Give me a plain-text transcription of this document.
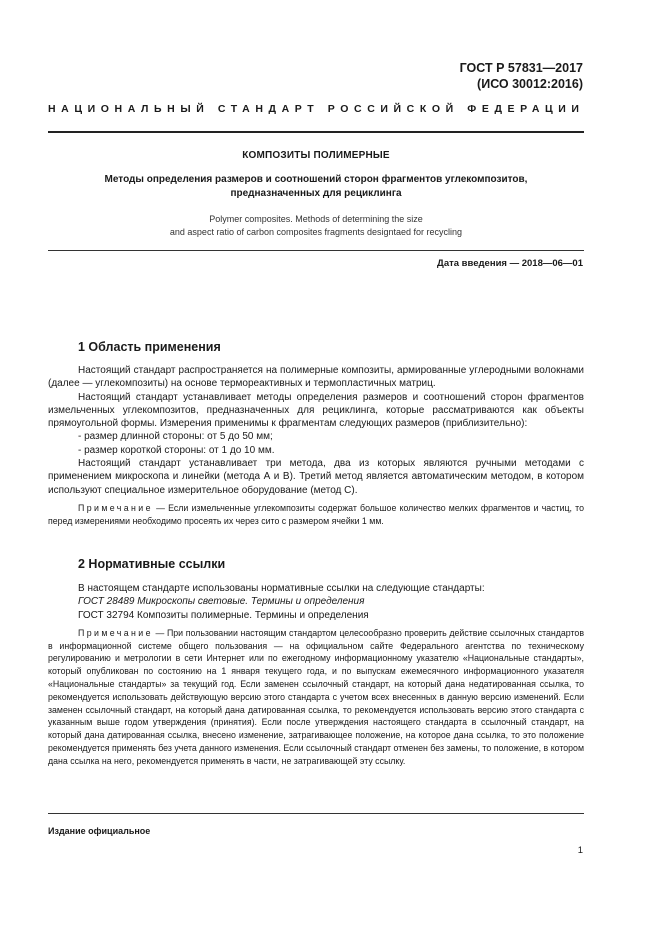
ГОСТ Р 57831—2017
(ИСО 30012:2016)
НАЦИОНАЛЬНЫЙ СТАНДАРТ РОССИЙСКОЙ ФЕДЕРАЦИИ
КОМПОЗИТЫ ПОЛИМЕРНЫЕ
Методы определения размеров и соотношений сторон фрагментов углекомпозитов,
предназначенных для рециклинга
Polymer composites. Methods of determining the size
and aspect ratio of carbon composites fragments designtaed for recycling
Дата введения — 2018—06—01
1 Область применения

Настоящий стандарт распространяется на полимерные композиты, армированные углеродными волокнами (далее — углекомпозиты) на основе термореактивных и термопластичных матриц.

Настоящий стандарт устанавливает методы определения размеров и соотношений сторон фрагментов измельченных углекомпозитов, предназначенных для рециклинга, которые рассматриваются как объекты прямоугольной формы. Измерения применимы к фрагментам следующих размеров (приблизительно):

- размер длинной стороны: от 5 до 50 мм;

- размер короткой стороны: от 1 до 10 мм.

Настоящий стандарт устанавливает три метода, два из которых являются ручными методами с применением микроскопа и линейки (метода А и В). Третий метод является автоматическим методом, в котором используют специальное измерительное оборудование (метод С).

Примечание — Если измельченные углекомпозиты содержат большое количество мелких фрагментов и частиц, то перед измерениями необходимо просеять их через сито с размером ячейки 1 мм.

2 Нормативные ссылки

В настоящем стандарте использованы нормативные ссылки на следующие стандарты:

ГОСТ 28489 Микроскопы световые. Термины и определения

ГОСТ 32794 Композиты полимерные. Термины и определения

Примечание — При пользовании настоящим стандартом целесообразно проверить действие ссылочных стандартов в информационной системе общего пользования — на официальном сайте Федерального агентства по техническому регулированию и метрологии в сети Интернет или по ежегодному информационному указателю «Национальные стандарты», который опубликован по состоянию на 1 января текущего года, и по выпускам ежемесячного информационного указателя «Национальные стандарты» за текущий год. Если заменен ссылочный стандарт, на который дана недатированная ссылка, то рекомендуется использовать действующую версию этого стандарта с учетом всех внесенных в данную версию изменений. Если заменен ссылочный стандарт, на который дана датированная ссылка, то рекомендуется использовать версию этого стандарта с указанным выше годом утверждения (принятия). Если после утверждения настоящего стандарта в ссылочный стандарт, на который дана датированная ссылка, внесено изменение, затрагивающее положение, на которое дана ссылка, то это положение рекомендуется применять без учета данного изменения. Если ссылочный стандарт отменен без замены, то положение, в котором дана ссылка на него, рекомендуется применять в части, не затрагивающей эту ссылку.

Издание официальное
1
